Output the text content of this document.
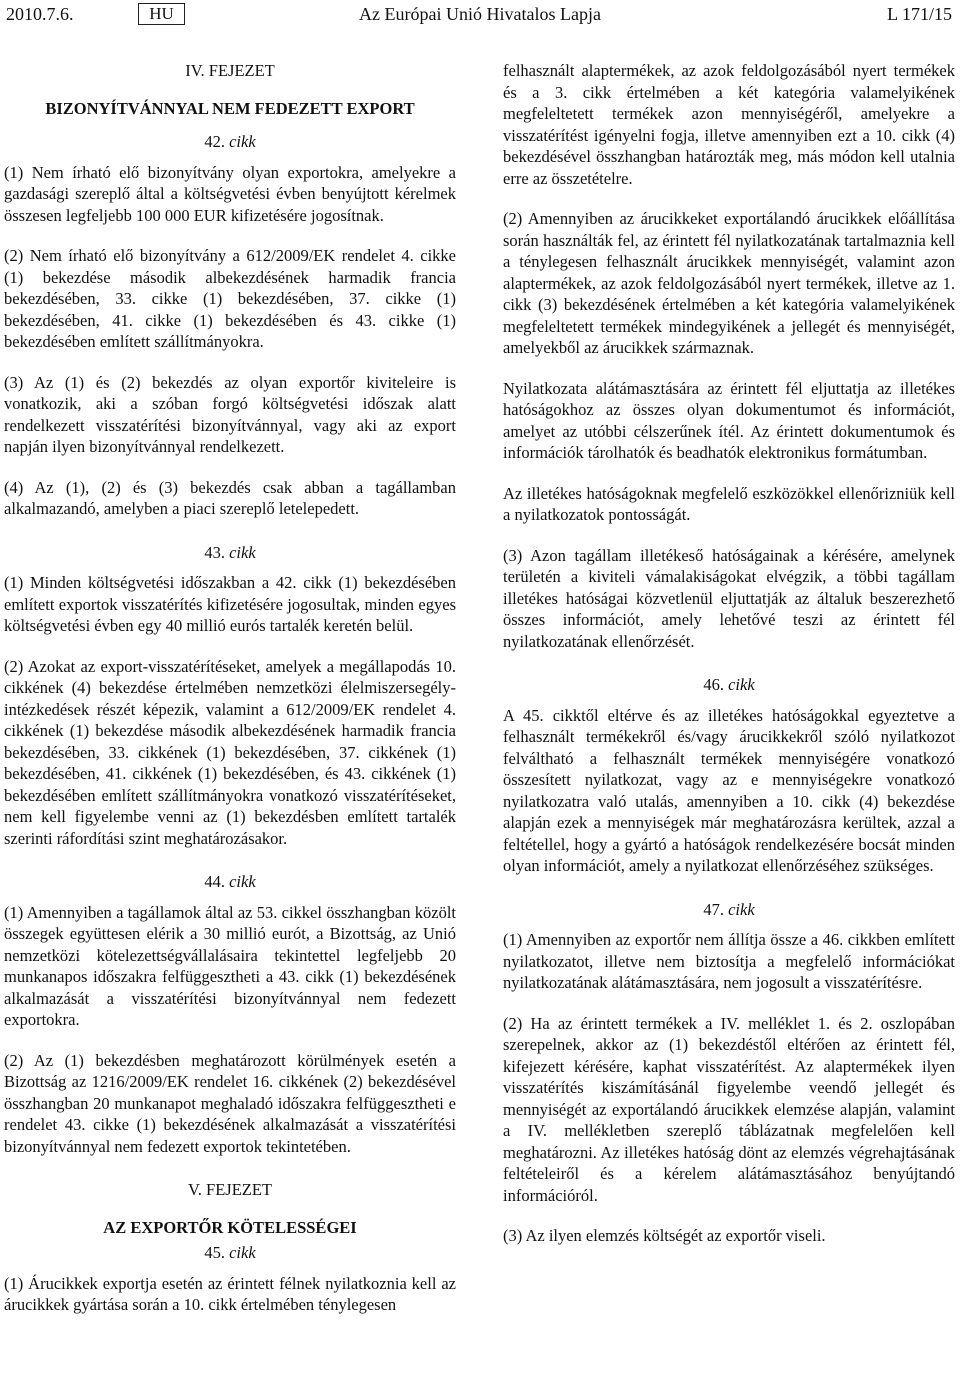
2010.7.6.	HU	Az Európai Unió Hivatalos Lapja	L 171/15
IV. FEJEZET
BIZONYÍTVÁNNYAL NEM FEDEZETT EXPORT
42. cikk

(1) Nem írható elő bizonyítvány olyan exportokra, amelyekre a gazdasági szereplő által a költségvetési évben benyújtott kérelmek összesen legfeljebb 100 000 EUR kifizetésére jogosítnak.

(2) Nem írható elő bizonyítvány a 612/2009/EK rendelet 4. cikke (1) bekezdése második albekezdésének harmadik francia bekezdésében, 33. cikke (1) bekezdésében, 37. cikke (1) bekezdésében, 41. cikke (1) bekezdésében és 43. cikke (1) bekezdésében említett szállítmányokra.

(3) Az (1) és (2) bekezdés az olyan exportőr kiviteleire is vonatkozik, aki a szóban forgó költségvetési időszak alatt rendelkezett visszatérítési bizonyítvánnyal, vagy aki az export napján ilyen bizonyítvánnyal rendelkezett.

(4) Az (1), (2) és (3) bekezdés csak abban a tagállamban alkalmazandó, amelyben a piaci szereplő letelepedett.

43. cikk

(1) Minden költségvetési időszakban a 42. cikk (1) bekezdésében említett exportok visszatérítés kifizetésére jogosultak, minden egyes költségvetési évben egy 40 millió eurós tartalék keretén belül.

(2) Azokat az export-visszatérítéseket, amelyek a megállapodás 10. cikkének (4) bekezdése értelmében nemzetközi élelmiszersegély-intézkedések részét képezik, valamint a 612/2009/EK rendelet 4. cikkének (1) bekezdése második albekezdésének harmadik francia bekezdésében, 33. cikkének (1) bekezdésében, 37. cikkének (1) bekezdésében, 41. cikkének (1) bekezdésében, és 43. cikkének (1) bekezdésében említett szállítmányokra vonatkozó visszatérítéseket, nem kell figyelembe venni az (1) bekezdésben említett tartalék szerinti ráfordítási szint meghatározásakor.

44. cikk

(1) Amennyiben a tagállamok által az 53. cikkel összhangban közölt összegek együttesen elérik a 30 millió eurót, a Bizottság, az Unió nemzetközi kötelezettségvállalásaira tekintettel legfeljebb 20 munkanapos időszakra felfüggesztheti a 43. cikk (1) bekezdésének alkalmazását a visszatérítési bizonyítvánnyal nem fedezett exportokra.

(2) Az (1) bekezdésben meghatározott körülmények esetén a Bizottság az 1216/2009/EK rendelet 16. cikkének (2) bekezdésével összhangban 20 munkanapot meghaladó időszakra felfüggesztheti e rendelet 43. cikke (1) bekezdésének alkalmazását a visszatérítési bizonyítvánnyal nem fedezett exportok tekintetében.

V. FEJEZET
AZ EXPORTŐR KÖTELESSÉGEI
45. cikk

(1) Árucikkek exportja esetén az érintett félnek nyilatkoznia kell az árucikkek gyártása során a 10. cikk értelmében ténylegesen

felhasznált alaptermékek, az azok feldolgozásából nyert termékek és a 3. cikk értelmében a két kategória valamelyikének megfeleltetett termékek azon mennyiségéről, amelyekre a visszatérítést igényelni fogja, illetve amennyiben ezt a 10. cikk (4) bekezdésével összhangban határozták meg, más módon kell utalnia erre az összetételre.

(2) Amennyiben az árucikkeket exportálandó árucikkek előállítása során használták fel, az érintett fél nyilatkozatának tartalmaznia kell a ténylegesen felhasznált árucikkek mennyiségét, valamint azon alaptermékek, az azok feldolgozásából nyert termékek, illetve az 1. cikk (3) bekezdésének értelmében a két kategória valamelyikének megfeleltetett termékek mindegyikének a jellegét és mennyiségét, amelyekből az árucikkek származnak.

Nyilatkozata alátámasztására az érintett fél eljuttatja az illetékes hatóságokhoz az összes olyan dokumentumot és információt, amelyet az utóbbi célszerűnek ítél. Az érintett dokumentumok és információk tárolhatók és beadhatók elektronikus formátumban.

Az illetékes hatóságoknak megfelelő eszközökkel ellenőrizniük kell a nyilatkozatok pontosságát.

(3) Azon tagállam illetékeső hatóságainak a kérésére, amelynek területén a kiviteli vámalakiságokat elvégzik, a többi tagállam illetékes hatóságai közvetlenül eljuttatják az általuk beszerezhető összes információt, amely lehetővé teszi az érintett fél nyilatkozatának ellenőrzését.

46. cikk

A 45. cikktől eltérve és az illetékes hatóságokkal egyeztetve a felhasznált termékekről és/vagy árucikkekről szóló nyilatkozot felváltható a felhasznált termékek mennyiségére vonatkozó összesített nyilatkozat, vagy az e mennyiségekre vonatkozó nyilatkozatra való utalás, amennyiben a 10. cikk (4) bekezdése alapján ezek a mennyiségek már meghatározásra kerültek, azzal a feltétellel, hogy a gyártó a hatóságok rendelkezésére bocsát minden olyan információt, amely a nyilatkozat ellenőrzéséhez szükséges.

47. cikk

(1) Amennyiben az exportőr nem állítja össze a 46. cikkben említett nyilatkozatot, illetve nem biztosítja a megfelelő információkat nyilatkozatának alátámasztására, nem jogosult a visszatérítésre.

(2) Ha az érintett termékek a IV. melléklet 1. és 2. oszlopában szerepelnek, akkor az (1) bekezdéstől eltérően az érintett fél, kifejezett kérésére, kaphat visszatérítést. Az alaptermékek ilyen visszatérítés kiszámításánál figyelembe veendő jellegét és mennyiségét az exportálandó árucikkek elemzése alapján, valamint a IV. mellékletben szereplő táblázatnak megfelelően kell meghatározni. Az illetékes hatóság dönt az elemzés végrehajtásának feltételeiről és a kérelem alátámasztásához benyújtandó információról.

(3) Az ilyen elemzés költségét az exportőr viseli.
